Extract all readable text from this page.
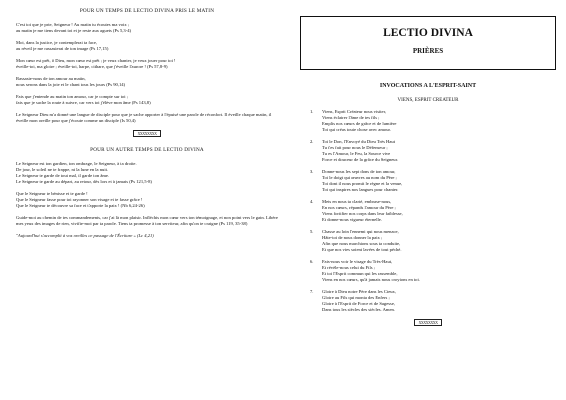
POUR UN TEMPS DE LECTIO DIVINA PRIS LE MATIN
C'est toi que je prie, Seigneur ! Au matin tu écoutes ma voix ;
au matin je me tiens devant toi et je reste aux aguets (Ps 5,3-4)
Moi, dans la justice, je contemplerai ta face,
au réveil je me rassasierai de ton image (Ps 17,15)
Mon cœur est prêt, ô Dieu, mon cœur est prêt ; je veux chanter, je veux jouer pour toi !
éveille-toi, ma gloire ; éveille-toi, harpe, cithare, que j'éveille l'aurore ! (Ps 57,8-9)
Rassasie-nous de ton amour au matin,
nous serons dans la joie et le chant tous les jours (Ps 90,14)
Fais que j'entende au matin ton amour, car je compte sur toi ;
fais que je sache la route à suivre, car vers toi j'élève mon âme (Ps 143,8)
Le Seigneur Dieu m'a donné une langue de disciple pour que je sache apporter à l'épuisé une parole de réconfort. Il éveille chaque matin, il éveille mon oreille pour que j'écoute comme un disciple (Is 50,4)
XXXXXXXX
POUR UN AUTRE TEMPS DE LECTIO DIVINA
Le Seigneur est ton gardien, ton ombrage, le Seigneur, à ta droite.
De jour, le soleil ne te frappe, ni la lune en la nuit.
Le Seigneur te garde de tout mal, il garde ton âme.
Le Seigneur te garde au départ, au retour, dès lors et à jamais (Ps 121,5-8)
Que le Seigneur te bénisse et te garde !
Que le Seigneur fasse pour toi rayonner son visage et te fasse grâce !
Que le Seigneur te découvre sa face et t'apporte la paix ! (Nb 6,24-26)
Guide-moi au chemin de tes commandements, car j'ai là mon plaisir. Infléchis mon cœur vers ton témoignage, et non point vers le gain. Libère mes yeux des images de rien, vivifie-moi par ta parole. Tiens ta promesse à ton serviteur, afin qu'on te craigne (Ps 119, 35-38)
"Aujourd'hui s'accomplit à vos oreilles ce passage de l'Écriture » (Lc 4,21)
LECTIO DIVINA
PRIÈRES
INVOCATIONS A L'ESPRIT-SAINT
VIENS, ESPRIT CREATEUR
1. Viens, Esprit Créateur nous visiter,
Viens éclairer l'âme de tes fils ;
Emplis nos cœurs de grâce et de lumière
Toi qui créas toute chose avec amour.
2. Toi le Don, l'Envoyé du Dieu Très Haut
Tu t'es fait pour nous le Défenseur ;
Tu es l'Amour, le Feu, la Source vive
Force et douceur de la grâce du Seigneur.
3. Donne-nous les sept dons de ton amour,
Toi le doigt qui œuvres au nom du Père ;
Toi dont il nous promit le règne et la venue,
Toi qui inspires nos langues pour chanter.
4. Mets en nous ta clarté, embrase-nous,
En nos cœurs, répands l'amour du Père ;
Viens fortifier nos corps dans leur faiblesse,
Et donne-nous vigueur éternelle.
5. Chasse au loin l'ennemi qui nous menace,
Hâte-toi de nous donner la paix ;
Afin que nous marchions sous ta conduite,
Et que nos vies soient lavées de tout péché.
6. Fais-nous voir le visage du Très-Haut,
Et révèle-nous celui du Fils ;
Et toi l'Esprit commun qui les rassemble,
Viens en nos cœurs, qu'à jamais nous croyions en toi.
7. Gloire à Dieu notre Père dans les Cieux,
Gloire au Fils qui monta des Enfers ;
Gloire à l'Esprit de Force et de Sagesse,
Dans tous les siècles des siècles. Amen.
XXXXXXXX
